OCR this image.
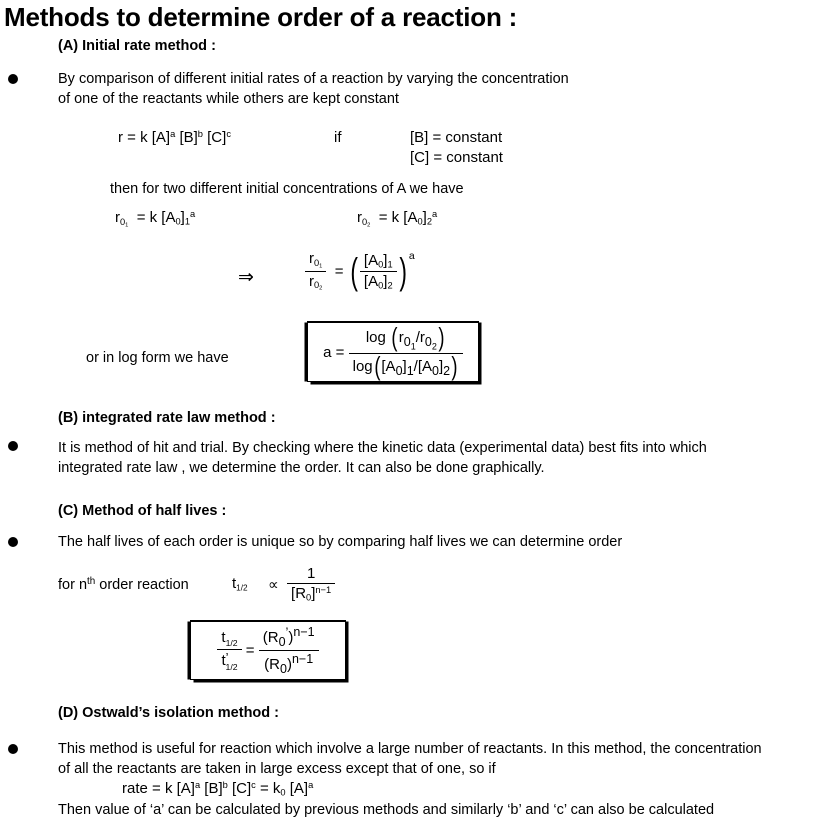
Methods to determine order of a reaction :
(A) Initial rate method :
By comparison of different initial rates of a reaction by varying the concentration
of one of the reactants while others are kept constant
r = k $[A]^a$ $[B]^b$ $[C]^c$	if	[B] = constant
[C] = constant
then for two different initial concentrations of A we have
$r_{0_1} = k$ $[A_0]_1^a$	$r_{0_2} = k$ $[A_0]_2^a$
⇒	$\frac{r_{0_1}}{r_{0_2}}$ = ( $\frac{[A_0]_1}{[A_0]_2}$ ) $^a$
or in log form we have	$a = \frac{\log (r_{0_1}/r_{0_2})}{\log([A_0]_1/[A_0]_2)}$
(B) integrated rate law method :
It is method of hit and trial. By checking where the kinetic data (experimental data) best fits into which
integrated rate law , we determine the order. It can also be done graphically.
(C) Method of half lives :
The half lives of each order is unique so by comparing half lives we can determine order
for $n^{th}$ order reaction	$t_{1/2} \propto \frac{1}{[R_0]^{n-1}}$
$\frac{t_{1/2}}{t^’_{1/2}} = \frac{(R_0^’)^{n-1}}{(R_0)^{n-1}}$
(D) Ostwald’s isolation method :
This method is useful for reaction which involve a large number of reactants. In this method, the concentration
of all the reactants are taken in large excess except that of one, so if
rate = k $[A]^a$ $[B]^b$ $[C]^c = k_0$ $[A]^a$
Then value of ‘a’ can be calculated by previous methods and similarly ‘b’ and ‘c’ can also be calculated
